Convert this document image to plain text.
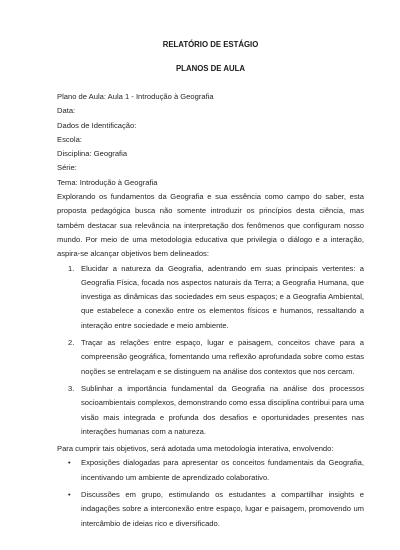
RELATÓRIO DE ESTÁGIO
PLANOS DE AULA
Plano de Aula: Aula 1 - Introdução à Geografia
Data:
Dados de Identificação:
Escola:
Disciplina: Geografia
Série:
Tema: Introdução à Geografia

Explorando os fundamentos da Geografia e sua essência como campo do saber, esta proposta pedagógica busca não somente introduzir os princípios desta ciência, mas também destacar sua relevância na interpretação dos fenômenos que configuram nosso mundo. Por meio de uma metodologia educativa que privilegia o diálogo e a interação, aspira-se alcançar objetivos bem delineados:

1. Elucidar a natureza da Geografia, adentrando em suas principais vertentes: a Geografia Física, focada nos aspectos naturais da Terra; a Geografia Humana, que investiga as dinâmicas das sociedades em seus espaços; e a Geografia Ambiental, que estabelece a conexão entre os elementos físicos e humanos, ressaltando a interação entre sociedade e meio ambiente.
2. Traçar as relações entre espaço, lugar e paisagem, conceitos chave para a compreensão geográfica, fomentando uma reflexão aprofundada sobre como estas noções se entrelaçam e se distinguem na análise dos contextos que nos cercam.
3. Sublinhar a importância fundamental da Geografia na análise dos processos socioambientais complexos, demonstrando como essa disciplina contribui para uma visão mais integrada e profunda dos desafios e oportunidades presentes nas interações humanas com a natureza.

Para cumprir tais objetivos, será adotada uma metodologia interativa, envolvendo:

• Exposições dialogadas para apresentar os conceitos fundamentais da Geografia, incentivando um ambiente de aprendizado colaborativo.
• Discussões em grupo, estimulando os estudantes a compartilhar insights e indagações sobre a interconexão entre espaço, lugar e paisagem, promovendo um intercâmbio de ideias rico e diversificado.
